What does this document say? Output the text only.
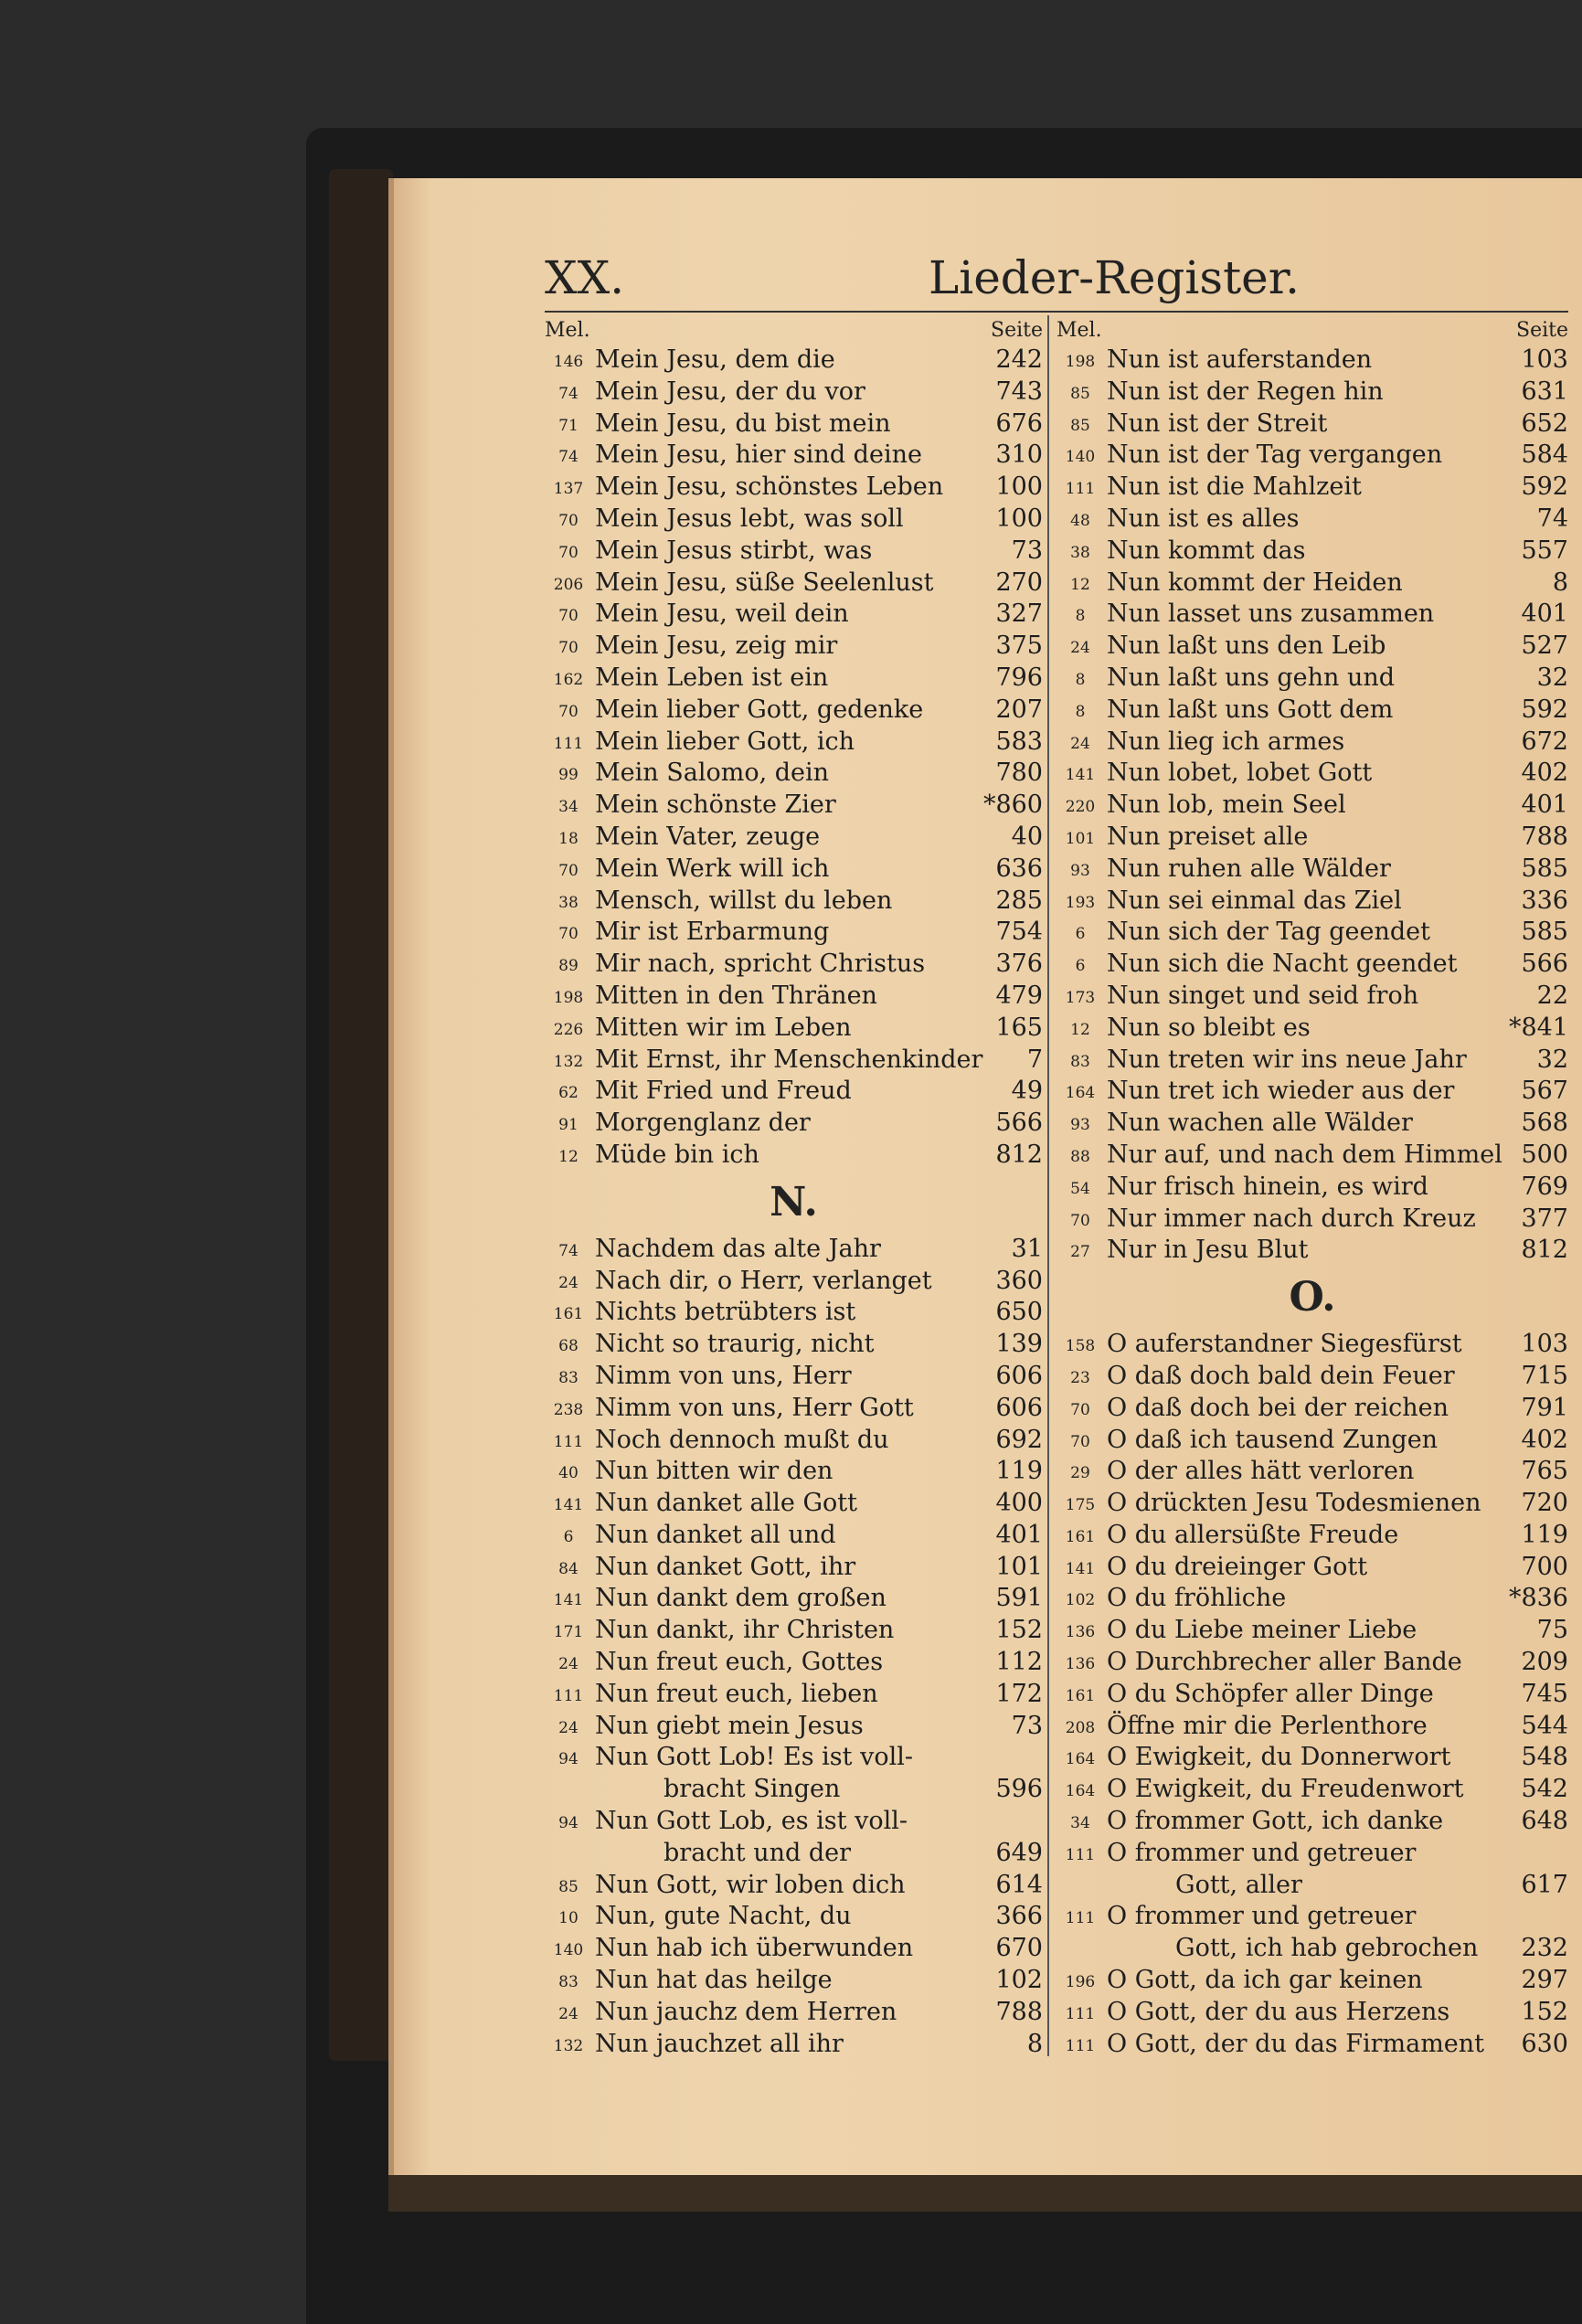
XX.	Lieder-Register.
Mel.	Seite
146 Mein Jesu, dem die	242
74 Mein Jesu, der du vor	743
71 Mein Jesu, du bist mein	676
74 Mein Jesu, hier sind deine	310
137 Mein Jesu, schönstes Leben 100
70 Mein Jesus lebt, was soll	100
70 Mein Jesus stirbt, was	73
206 Mein Jesu, süße Seelenlust	270
70 Mein Jesu, weil dein	327
70 Mein Jesu, zeig mir	375
162 Mein Leben ist ein	796
70 Mein lieber Gott, gedenke	207
111 Mein lieber Gott, ich	583
99 Mein Salomo, dein	780
34 Mein schönste Zier	*860
18 Mein Vater, zeuge	40
70 Mein Werk will ich	636
38 Mensch, willst du leben	285
70 Mir ist Erbarmung	754
89 Mir nach, spricht Christus	376
198 Mitten in den Thränen	479
226 Mitten wir im Leben	165
132 Mit Ernst, ihr Menschenkinder 7
62 Mit Fried und Freud	49
91 Morgenglanz der	566
12 Müde bin ich	812
N.
74 Nachdem das alte Jahr	31
24 Nach dir, o Herr, verlanget	360
161 Nichts betrübters ist	650
68 Nicht so traurig, nicht	139
83 Nimm von uns, Herr	606
238 Nimm von uns, Herr Gott	606
111 Noch dennoch mußt du	692
40 Nun bitten wir den	119
141 Nun danket alle Gott	400
6 Nun danket all und	401
84 Nun danket Gott, ihr	101
141 Nun dankt dem großen	591
171 Nun dankt, ihr Christen	152
24 Nun freut euch, Gottes	112
111 Nun freut euch, lieben	172
24 Nun giebt mein Jesus	73
94 Nun Gott Lob! Es ist voll-
bracht Singen	596
94 Nun Gott Lob, es ist voll-
bracht und der	649
85 Nun Gott, wir loben dich	614
10 Nun, gute Nacht, du	366
140 Nun hab ich überwunden	670
83 Nun hat das heilge	102
24 Nun jauchz dem Herren	788
132 Nun jauchzet all ihr	8
Mel.	Seite
198 Nun ist auferstanden	103
85 Nun ist der Regen hin	631
85 Nun ist der Streit	652
140 Nun ist der Tag vergangen	584
111 Nun ist die Mahlzeit	592
48 Nun ist es alles	74
38 Nun kommt das	557
12 Nun kommt der Heiden	8
8 Nun lasset uns zusammen	401
24 Nun laßt uns den Leib	527
8 Nun laßt uns gehn und	32
8 Nun laßt uns Gott dem	592
24 Nun lieg ich armes	672
141 Nun lobet, lobet Gott	402
220 Nun lob, mein Seel	401
101 Nun preiset alle	788
93 Nun ruhen alle Wälder	585
193 Nun sei einmal das Ziel	336
6 Nun sich der Tag geendet	585
6 Nun sich die Nacht geendet	566
173 Nun singet und seid froh	22
12 Nun so bleibt es	*841
83 Nun treten wir ins neue Jahr	32
164 Nun tret ich wieder aus der	567
93 Nun wachen alle Wälder	568
88 Nur auf, und nach dem Himmel 500
54 Nur frisch hinein, es wird	769
70 Nur immer nach durch Kreuz 377
27 Nur in Jesu Blut	812
O.
158 O auferstandner Siegesfürst 103
23 O daß doch bald dein Feuer	715
70 O daß doch bei der reichen	791
70 O daß ich tausend Zungen	402
29 O der alles hätt verloren	765
175 O drückten Jesu Todesmienen 720
161 O du allersüßte Freude	119
141 O du dreieinger Gott	700
102 O du fröhliche	*836
136 O du Liebe meiner Liebe	75
136 O Durchbrecher aller Bande 209
161 O du Schöpfer aller Dinge	745
208 Öffne mir die Perlenthore	544
164 O Ewigkeit, du Donnerwort	548
164 O Ewigkeit, du Freudenwort 542
34 O frommer Gott, ich danke	648
111 O frommer und getreuer
Gott, aller	617
111 O frommer und getreuer
Gott, ich hab gebrochen 232
196 O Gott, da ich gar keinen	297
111 O Gott, der du aus Herzens	152
111 O Gott, der du das Firmament 630
